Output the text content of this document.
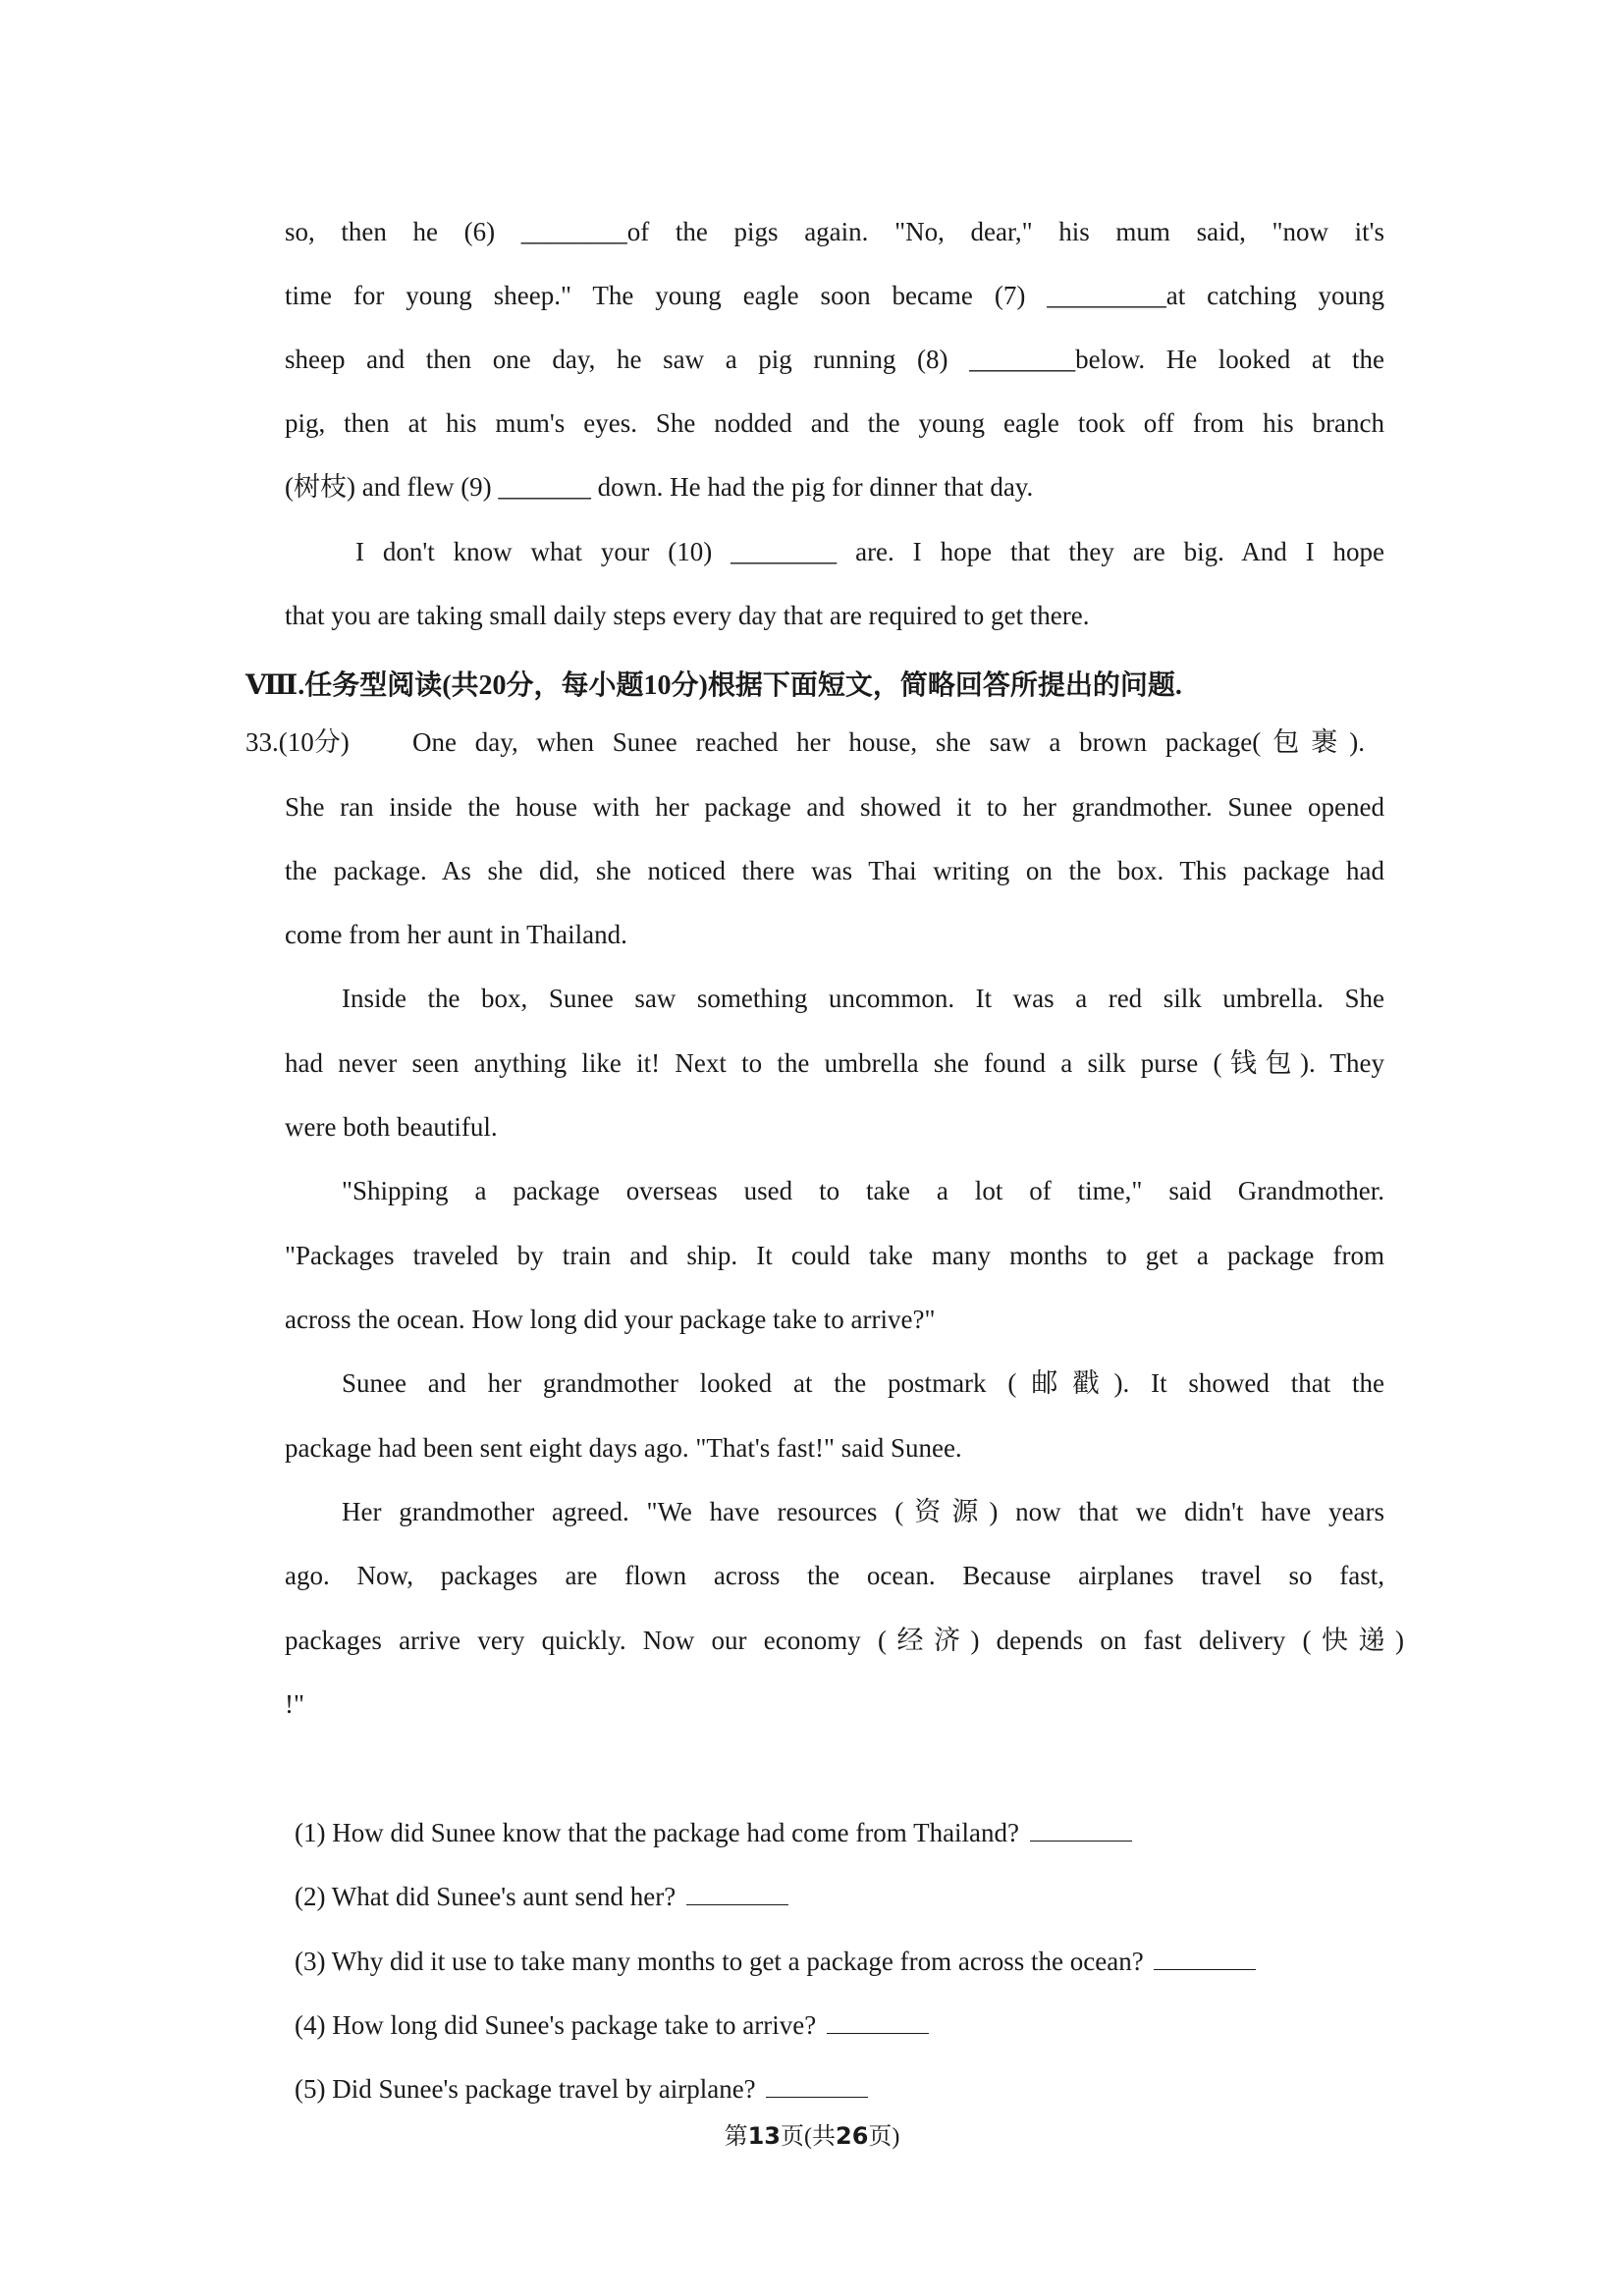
so, then he (6) ________of the pigs again. "No, dear," his mum said, "now it's
time for young sheep." The young eagle soon became (7) _________at catching young
sheep and then one day, he saw a pig running (8) ________below. He looked at the
pig, then at his mum's eyes. She nodded and the young eagle took off from his branch
(树枝) and flew (9) _______ down. He had the pig for dinner that day.
I don't know what your (10) ________ are. I hope that they are big. And I hope
that you are taking small daily steps every day that are required to get there.
Ⅷ.任务型阅读(共20分，每小题10分)根据下面短文，简略回答所提出的问题.
33.(10分) One day, when Sunee reached her house, she saw a brown package(包裹).
She ran inside the house with her package and showed it to her grandmother. Sunee opened
the package. As she did, she noticed there was Thai writing on the box. This package had
come from her aunt in Thailand.
Inside the box, Sunee saw something uncommon. It was a red silk umbrella. She
had never seen anything like it! Next to the umbrella she found a silk purse (钱包). They
were both beautiful.
"Shipping a package overseas used to take a lot of time," said Grandmother.
"Packages traveled by train and ship. It could take many months to get a package from
across the ocean. How long did your package take to arrive?"
Sunee and her grandmother looked at the postmark (邮戳). It showed that the
package had been sent eight days ago. "That's fast!" said Sunee.
Her grandmother agreed. "We have resources (资源) now that we didn't have years
ago. Now, packages are flown across the ocean. Because airplanes travel so fast,
packages arrive very quickly. Now our economy (经济) depends on fast delivery (快递)
!"
(1) How did Sunee know that the package had come from Thailand?
(2) What did Sunee's aunt send her?
(3) Why did it use to take many months to get a package from across the ocean?
(4) How long did Sunee's package take to arrive?
(5) Did Sunee's package travel by airplane?
第13页(共26页)
